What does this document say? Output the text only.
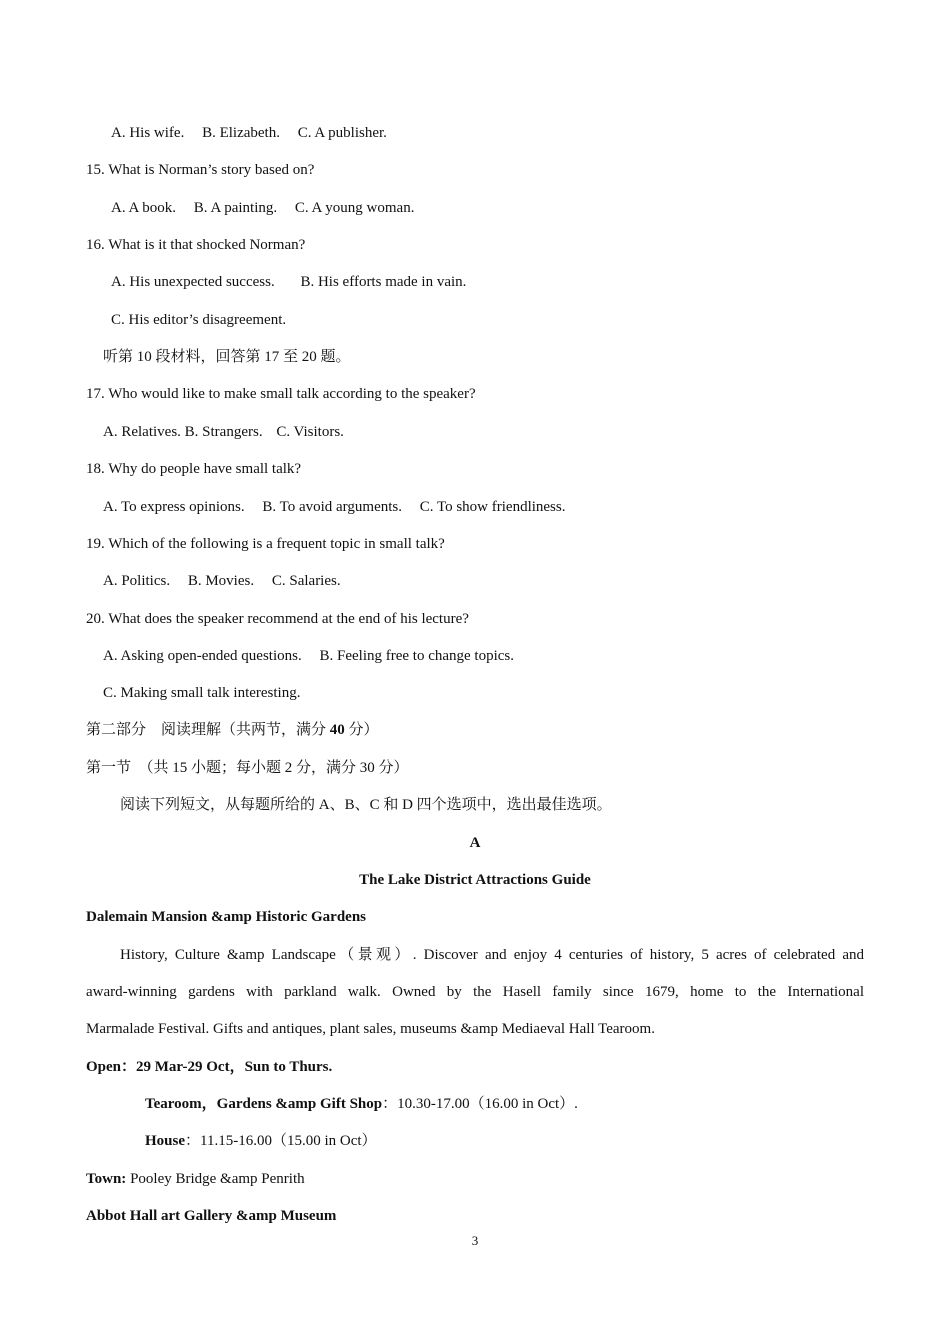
A. His wife. B. Elizabeth. C. A publisher.
15. What is Norman’s story based on?
A. A book. B. A painting. C. A young woman.
16. What is it that shocked Norman?
A. His unexpected success. B. His efforts made in vain.
C. His editor’s disagreement.
听第 10 段材料，回答第 17 至 20 题。
17. Who would like to make small talk according to the speaker?
A. Relatives. B. Strangers. C. Visitors.
18. Why do people have small talk?
A. To express opinions. B. To avoid arguments. C. To show friendliness.
19. Which of the following is a frequent topic in small talk?
A. Politics. B. Movies. C. Salaries.
20. What does the speaker recommend at the end of his lecture?
A. Asking open-ended questions. B. Feeling free to change topics.
C. Making small talk interesting.
第二部分　阅读理解（共两节，满分 40 分）
第一节　（共 15 小题；每小题 2 分，满分 30 分）
阅读下列短文，从每题所给的 A、B、C 和 D 四个选项中，选出最佳选项。
A
The Lake District Attractions Guide
Dalemain Mansion &amp Historic Gardens
History, Culture &amp Landscape（景观）. Discover and enjoy 4 centuries of history, 5 acres of celebrated and
award-winning gardens with parkland walk. Owned by the Hasell family since 1679, home to the International
Marmalade Festival. Gifts and antiques, plant sales, museums &amp Mediaeval Hall Tearoom.
Open：29 Mar-29 Oct，Sun to Thurs.
Tearoom，Gardens &amp Gift Shop：10.30-17.00（16.00 in Oct）.
House：11.15-16.00（15.00 in Oct）
Town: Pooley Bridge &amp Penrith
Abbot Hall art Gallery &amp Museum
3
